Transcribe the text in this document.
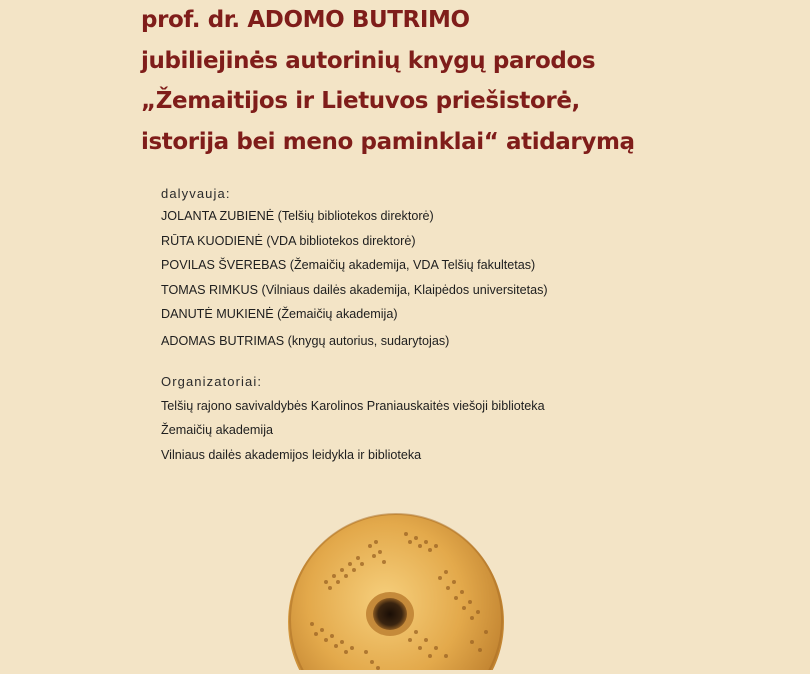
prof. dr. ADOMO BUTRIMO
jubiliejinės autorinių knygų parodos
„Žemaitijos ir Lietuvos priešistorė,
istorija bei meno paminklai“ atidarymą
dalyvauja:
JOLANTA ZUBIENĖ (Telšių bibliotekos direktorė)
RŪTA KUODIENĖ (VDA bibliotekos direktorė)
POVILAS ŠVEREBAS (Žemaičių akademija, VDA Telšių fakultetas)
TOMAS RIMKUS (Vilniaus dailės akademija, Klaipėdos universitetas)
DANUTĖ MUKIENĖ (Žemaičių akademija)
ADOMAS BUTRIMAS (knygų autorius, sudarytojas)
Organizatoriai:
Telšių rajono savivaldybės Karolinos Praniauskaitės viešoji biblioteka
Žemaičių akademija
Vilniaus dailės akademijos leidykla ir biblioteka
